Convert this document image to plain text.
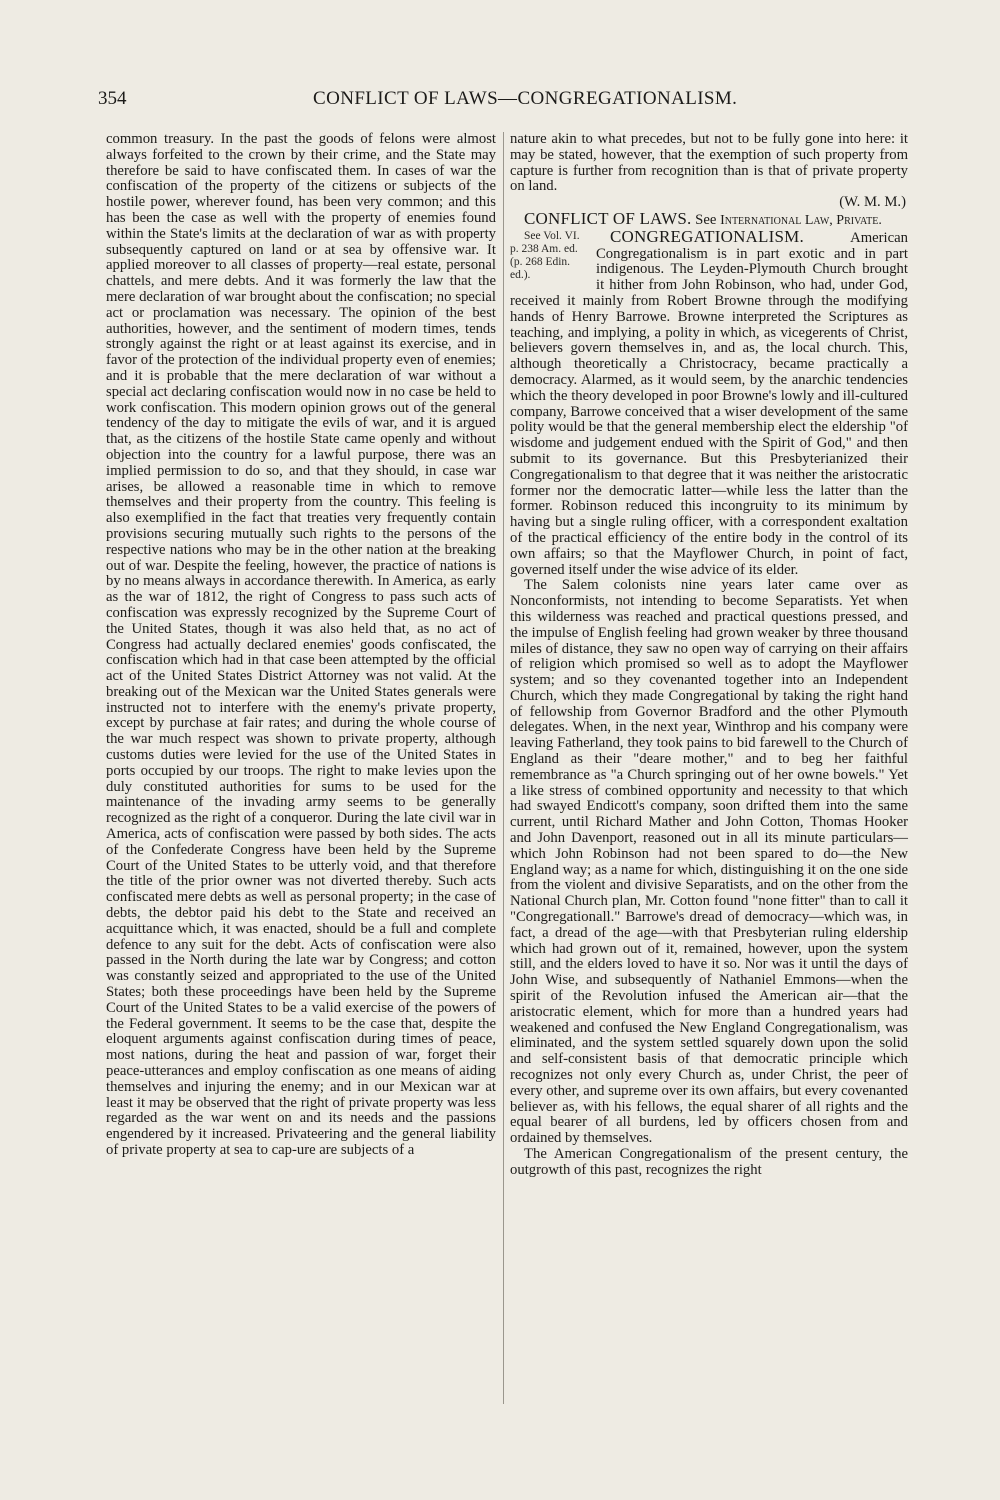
354	CONFLICT OF LAWS—CONGREGATIONALISM.

common treasury. In the past the goods of felons were almost always forfeited to the crown by their crime, and the State may therefore be said to have confiscated them. In cases of war the confiscation of the property of the citizens or subjects of the hostile power, wherever found, has been very common; and this has been the case as well with the property of enemies found within the State's limits at the declaration of war as with property subsequently captured on land or at sea by offensive war. It applied moreover to all classes of property—real estate, personal chattels, and mere debts. And it was formerly the law that the mere declaration of war brought about the confiscation; no special act or proclamation was necessary. The opinion of the best authorities, however, and the sentiment of modern times, tends strongly against the right or at least against its exercise, and in favor of the protection of the individual property even of enemies; and it is probable that the mere declaration of war without a special act declaring confiscation would now in no case be held to work confiscation. This modern opinion grows out of the general tendency of the day to mitigate the evils of war, and it is argued that, as the citizens of the hostile State came openly and without objection into the country for a lawful purpose, there was an implied permission to do so, and that they should, in case war arises, be allowed a reasonable time in which to remove themselves and their property from the country. This feeling is also exemplified in the fact that treaties very frequently contain provisions securing mutually such rights to the persons of the respective nations who may be in the other nation at the breaking out of war. Despite the feeling, however, the practice of nations is by no means always in accordance therewith. In America, as early as the war of 1812, the right of Congress to pass such acts of confiscation was expressly recognized by the Supreme Court of the United States, though it was also held that, as no act of Congress had actually declared enemies' goods confiscated, the confiscation which had in that case been attempted by the official act of the United States District Attorney was not valid. At the breaking out of the Mexican war the United States generals were instructed not to interfere with the enemy's private property, except by purchase at fair rates; and during the whole course of the war much respect was shown to private property, although customs duties were levied for the use of the United States in ports occupied by our troops. The right to make levies upon the duly constituted authorities for sums to be used for the maintenance of the invading army seems to be generally recognized as the right of a conqueror. During the late civil war in America, acts of confiscation were passed by both sides. The acts of the Confederate Congress have been held by the Supreme Court of the United States to be utterly void, and that therefore the title of the prior owner was not diverted thereby. Such acts confiscated mere debts as well as personal property; in the case of debts, the debtor paid his debt to the State and received an acquittance which, it was enacted, should be a full and complete defence to any suit for the debt. Acts of confiscation were also passed in the North during the late war by Congress; and cotton was constantly seized and appropriated to the use of the United States; both these proceedings have been held by the Supreme Court of the United States to be a valid exercise of the powers of the Federal government. It seems to be the case that, despite the eloquent arguments against confiscation during times of peace, most nations, during the heat and passion of war, forget their peace-utterances and employ confiscation as one means of aiding themselves and injuring the enemy; and in our Mexican war at least it may be observed that the right of private property was less regarded as the war went on and its needs and the passions engendered by it increased. Privateering and the general liability of private property at sea to cap-ure are subjects of a

nature akin to what precedes, but not to be fully gone into here: it may be stated, however, that the exemption of such property from capture is further from recognition than is that of private property on land.

(W. M. M.)

CONFLICT OF LAWS. See International Law, Private.

CONGREGATIONALISM.
See Vol. VI. p. 238 Am. ed. (p. 268 Edin. ed.).
American Congregationalism is in part exotic and in part indigenous. The Leyden-Plymouth Church brought it hither from John Robinson, who had, under God, received it mainly from Robert Browne through the modifying hands of Henry Barrowe. Browne interpreted the Scriptures as teaching, and implying, a polity in which, as vicegerents of Christ, believers govern themselves in, and as, the local church. This, although theoretically a Christocracy, became practically a democracy. Alarmed, as it would seem, by the anarchic tendencies which the theory developed in poor Browne's lowly and ill-cultured company, Barrowe conceived that a wiser development of the same polity would be that the general membership elect the eldership "of wisdome and judgement endued with the Spirit of God," and then submit to its governance. But this Presbyterianized their Congregationalism to that degree that it was neither the aristocratic former nor the democratic latter—while less the latter than the former. Robinson reduced this incongruity to its minimum by having but a single ruling officer, with a correspondent exaltation of the practical efficiency of the entire body in the control of its own affairs; so that the Mayflower Church, in point of fact, governed itself under the wise advice of its elder.

The Salem colonists nine years later came over as Nonconformists, not intending to become Separatists. Yet when this wilderness was reached and practical questions pressed, and the impulse of English feeling had grown weaker by three thousand miles of distance, they saw no open way of carrying on their affairs of religion which promised so well as to adopt the Mayflower system; and so they covenanted together into an Independent Church, which they made Congregational by taking the right hand of fellowship from Governor Bradford and the other Plymouth delegates. When, in the next year, Winthrop and his company were leaving Fatherland, they took pains to bid farewell to the Church of England as their "deare mother," and to beg her faithful remembrance as "a Church springing out of her owne bowels." Yet a like stress of combined opportunity and necessity to that which had swayed Endicott's company, soon drifted them into the same current, until Richard Mather and John Cotton, Thomas Hooker and John Davenport, reasoned out in all its minute particulars—which John Robinson had not been spared to do—the New England way; as a name for which, distinguishing it on the one side from the violent and divisive Separatists, and on the other from the National Church plan, Mr. Cotton found "none fitter" than to call it "Congregationall." Barrowe's dread of democracy—which was, in fact, a dread of the age—with that Presbyterian ruling eldership which had grown out of it, remained, however, upon the system still, and the elders loved to have it so. Nor was it until the days of John Wise, and subsequently of Nathaniel Emmons—when the spirit of the Revolution infused the American air—that the aristocratic element, which for more than a hundred years had weakened and confused the New England Congregationalism, was eliminated, and the system settled squarely down upon the solid and self-consistent basis of that democratic principle which recognizes not only every Church as, under Christ, the peer of every other, and supreme over its own affairs, but every covenanted believer as, with his fellows, the equal sharer of all rights and the equal bearer of all burdens, led by officers chosen from and ordained by themselves.

The American Congregationalism of the present century, the outgrowth of this past, recognizes the right
